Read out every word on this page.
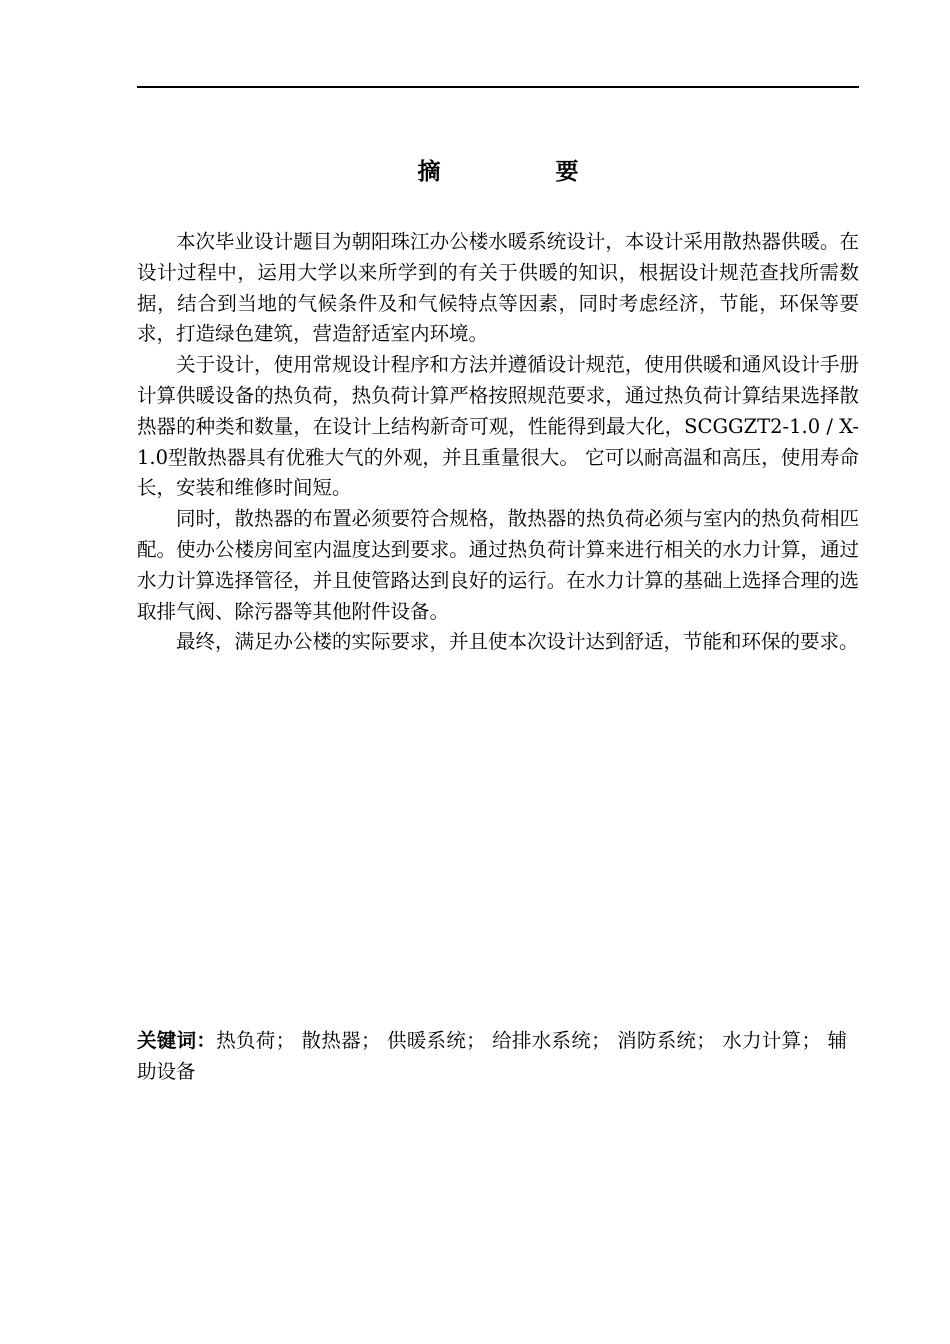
摘　要

本次毕业设计题目为朝阳珠江办公楼水暖系统设计，本设计采用散热器供暖。在设计过程中，运用大学以来所学到的有关于供暖的知识，根据设计规范查找所需数据，结合到当地的气候条件及和气候特点等因素，同时考虑经济，节能，环保等要求，打造绿色建筑，营造舒适室内环境。

关于设计，使用常规设计程序和方法并遵循设计规范，使用供暖和通风设计手册计算供暖设备的热负荷，热负荷计算严格按照规范要求，通过热负荷计算结果选择散热器的种类和数量，在设计上结构新奇可观，性能得到最大化，SCGGZT2-1.0 / X-1.0型散热器具有优雅大气的外观，并且重量很大。 它可以耐高温和高压，使用寿命长，安装和维修时间短。

同时，散热器的布置必须要符合规格，散热器的热负荷必须与室内的热负荷相匹配。使办公楼房间室内温度达到要求。通过热负荷计算来进行相关的水力计算，通过水力计算选择管径，并且使管路达到良好的运行。在水力计算的基础上选择合理的选取排气阀、除污器等其他附件设备。

最终，满足办公楼的实际要求，并且使本次设计达到舒适，节能和环保的要求。

关键词：热负荷； 散热器； 供暖系统； 给排水系统； 消防系统； 水力计算； 辅助设备
